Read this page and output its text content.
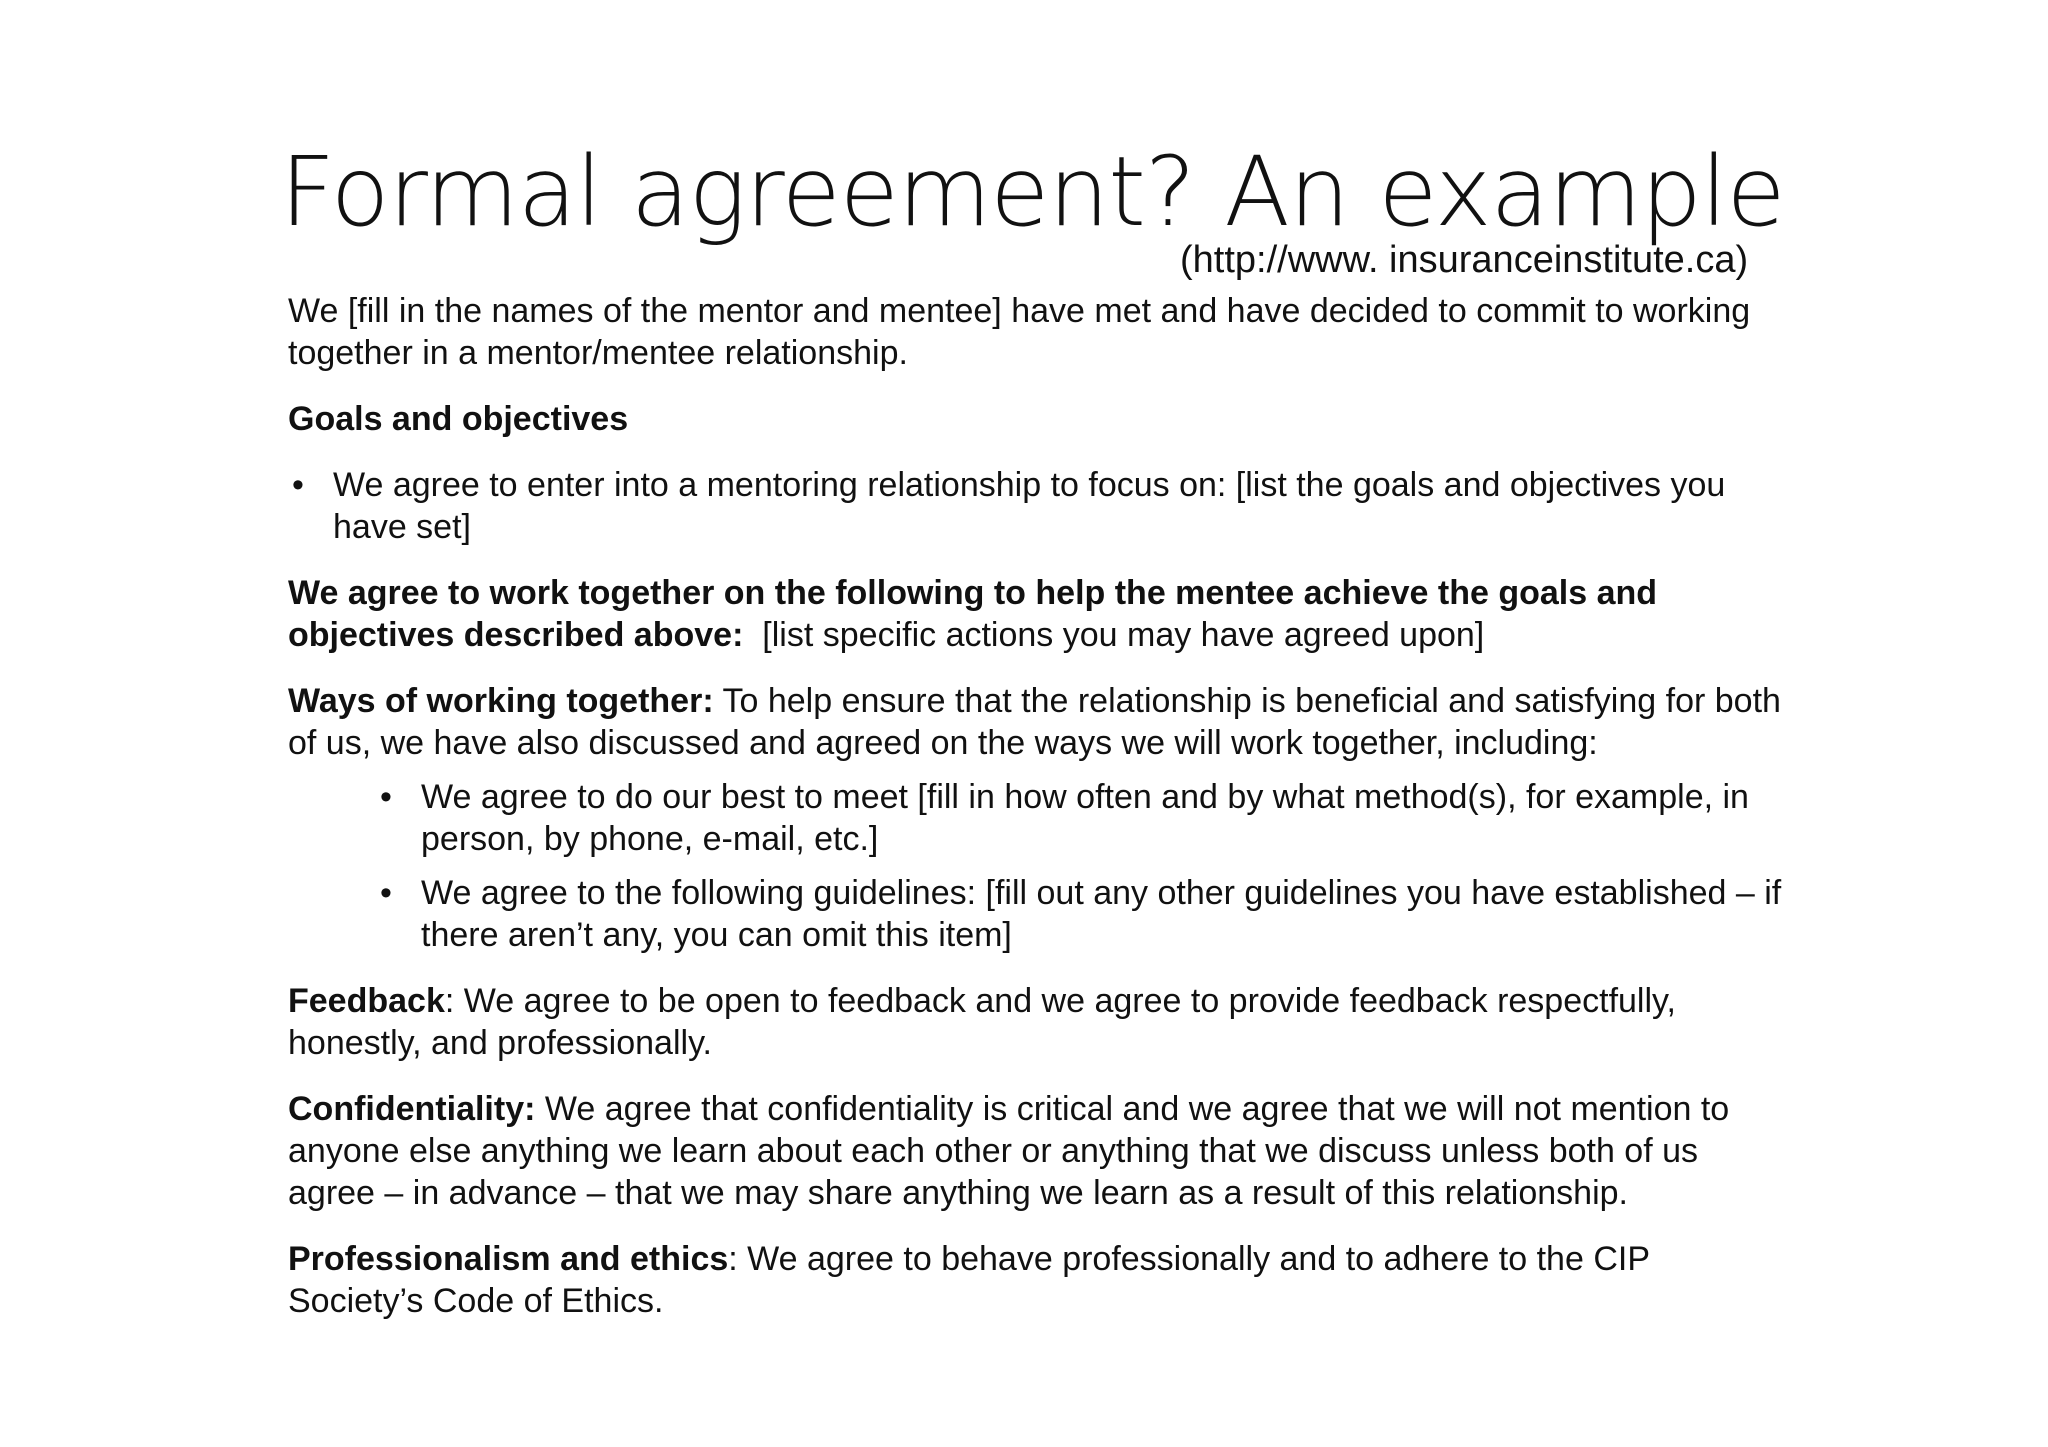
Formal agreement? An example
(http://www. insuranceinstitute.ca)

We [fill in the names of the mentor and mentee] have met and have decided to commit to working together in a mentor/mentee relationship.

Goals and objectives

• We agree to enter into a mentoring relationship to focus on: [list the goals and objectives you have set]

We agree to work together on the following to help the mentee achieve the goals and objectives described above:  [list specific actions you may have agreed upon]

Ways of working together: To help ensure that the relationship is beneficial and satisfying for both of us, we have also discussed and agreed on the ways we will work together, including:

• We agree to do our best to meet [fill in how often and by what method(s), for example, in person, by phone, e-mail, etc.]
• We agree to the following guidelines: [fill out any other guidelines you have established – if there aren’t any, you can omit this item]

Feedback: We agree to be open to feedback and we agree to provide feedback respectfully, honestly, and professionally.

Confidentiality: We agree that confidentiality is critical and we agree that we will not mention to anyone else anything we learn about each other or anything that we discuss unless both of us agree – in advance – that we may share anything we learn as a result of this relationship.

Professionalism and ethics: We agree to behave professionally and to adhere to the CIP Society’s Code of Ethics.
